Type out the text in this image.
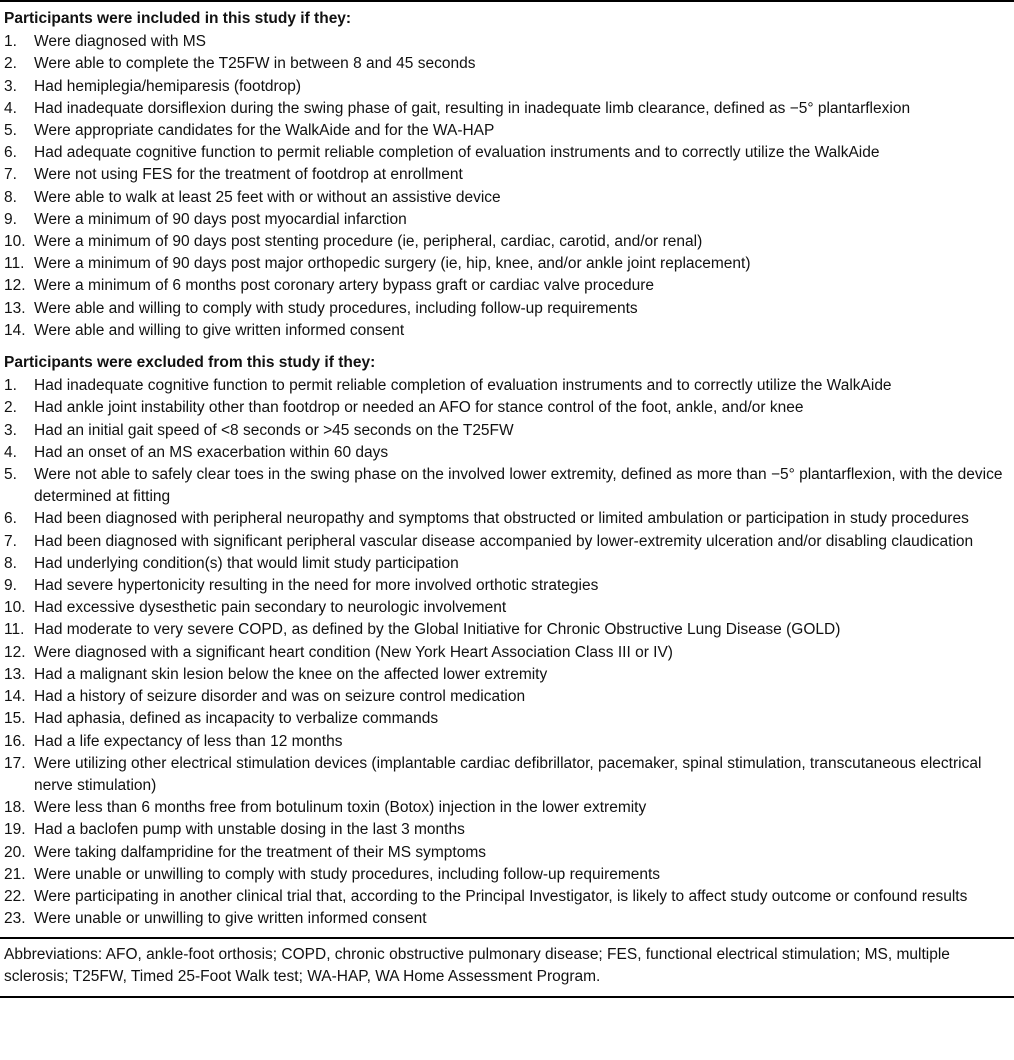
Participants were included in this study if they:
1.	Were diagnosed with MS
2.	Were able to complete the T25FW in between 8 and 45 seconds
3.	Had hemiplegia/hemiparesis (footdrop)
4.	Had inadequate dorsiflexion during the swing phase of gait, resulting in inadequate limb clearance, defined as −5° plantarflexion
5.	Were appropriate candidates for the WalkAide and for the WA-HAP
6.	Had adequate cognitive function to permit reliable completion of evaluation instruments and to correctly utilize the WalkAide
7.	Were not using FES for the treatment of footdrop at enrollment
8.	Were able to walk at least 25 feet with or without an assistive device
9.	Were a minimum of 90 days post myocardial infarction
10. Were a minimum of 90 days post stenting procedure (ie, peripheral, cardiac, carotid, and/or renal)
11. Were a minimum of 90 days post major orthopedic surgery (ie, hip, knee, and/or ankle joint replacement)
12. Were a minimum of 6 months post coronary artery bypass graft or cardiac valve procedure
13. Were able and willing to comply with study procedures, including follow-up requirements
14. Were able and willing to give written informed consent
Participants were excluded from this study if they:
1.	Had inadequate cognitive function to permit reliable completion of evaluation instruments and to correctly utilize the WalkAide
2.	Had ankle joint instability other than footdrop or needed an AFO for stance control of the foot, ankle, and/or knee
3.	Had an initial gait speed of <8 seconds or >45 seconds on the T25FW
4.	Had an onset of an MS exacerbation within 60 days
5.	Were not able to safely clear toes in the swing phase on the involved lower extremity, defined as more than −5° plantarflexion, with the device determined at fitting
6.	Had been diagnosed with peripheral neuropathy and symptoms that obstructed or limited ambulation or participation in study procedures
7.	Had been diagnosed with significant peripheral vascular disease accompanied by lower-extremity ulceration and/or disabling claudication
8.	Had underlying condition(s) that would limit study participation
9.	Had severe hypertonicity resulting in the need for more involved orthotic strategies
10. Had excessive dysesthetic pain secondary to neurologic involvement
11. Had moderate to very severe COPD, as defined by the Global Initiative for Chronic Obstructive Lung Disease (GOLD)
12. Were diagnosed with a significant heart condition (New York Heart Association Class III or IV)
13. Had a malignant skin lesion below the knee on the affected lower extremity
14. Had a history of seizure disorder and was on seizure control medication
15. Had aphasia, defined as incapacity to verbalize commands
16. Had a life expectancy of less than 12 months
17. Were utilizing other electrical stimulation devices (implantable cardiac defibrillator, pacemaker, spinal stimulation, transcutaneous electrical nerve stimulation)
18. Were less than 6 months free from botulinum toxin (Botox) injection in the lower extremity
19. Had a baclofen pump with unstable dosing in the last 3 months
20. Were taking dalfampridine for the treatment of their MS symptoms
21. Were unable or unwilling to comply with study procedures, including follow-up requirements
22. Were participating in another clinical trial that, according to the Principal Investigator, is likely to affect study outcome or confound results
23. Were unable or unwilling to give written informed consent

Abbreviations: AFO, ankle-foot orthosis; COPD, chronic obstructive pulmonary disease; FES, functional electrical stimulation; MS, multiple sclerosis; T25FW, Timed 25-Foot Walk test; WA-HAP, WA Home Assessment Program.
